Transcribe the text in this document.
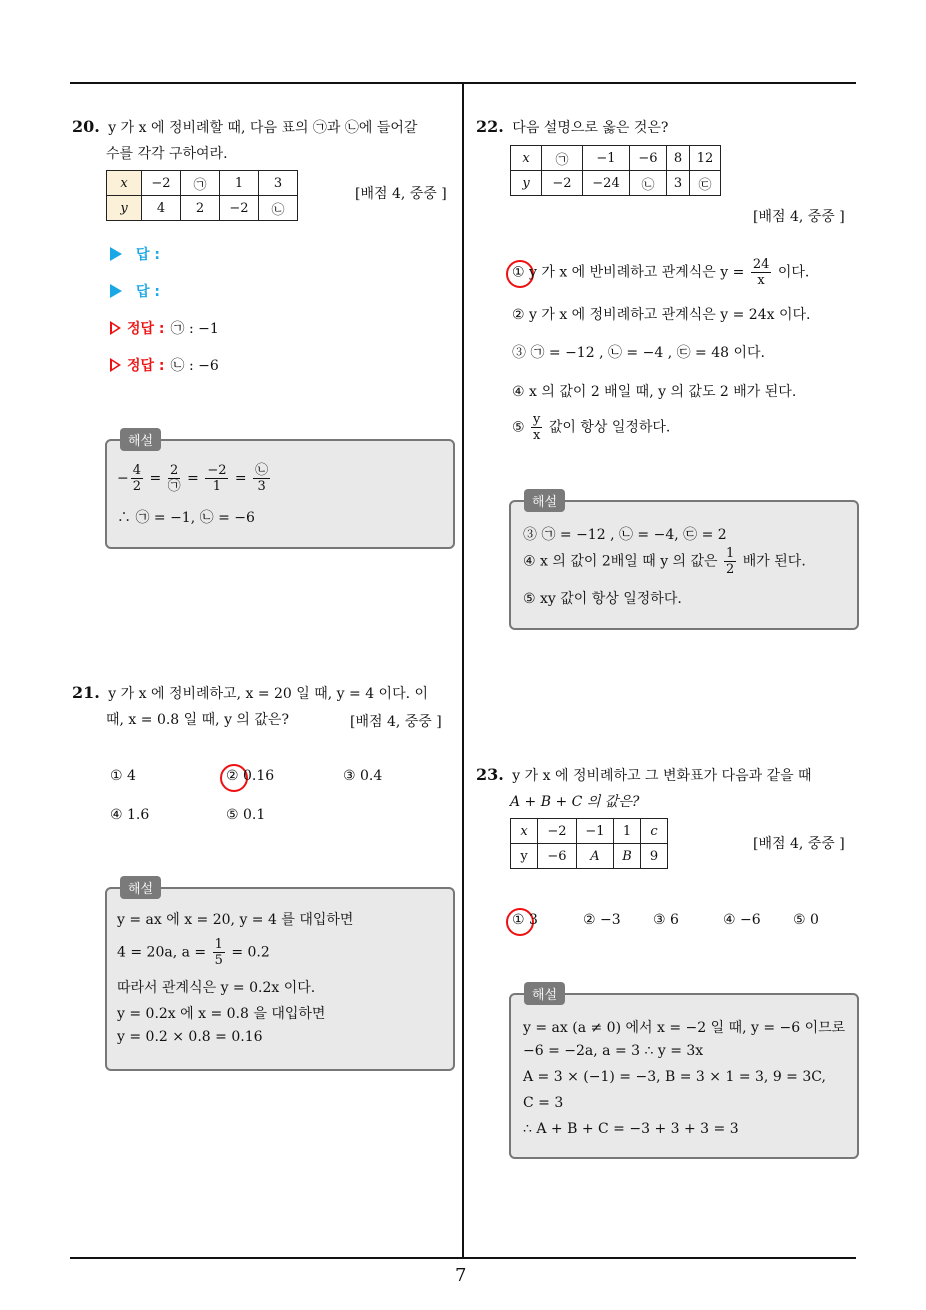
7
20. y 가 x 에 정비례할 때, 다음 표의 ㉠과 ㉡에 들어갈
수를 각각 구하여라.
x	−2	㉠	1	3
y	4	2	−2	㉡
[배점 4, 중중 ]
답 :
답 :
정답 : ㉠ : −1
정답 : ㉡ : −6
− $\frac{4}{2} = \frac{2}{㉠} = \frac{-2}{1} = \frac{㉡}{3}$
∴ ㉠ = −1, ㉡ = −6
해설
21. y 가 x 에 정비례하고, x = 20 일 때, y = 4 이다. 이
때, x = 0.8 일 때, y 의 값은?	[배점 4, 중중 ]
① 4	② 0.16	③ 0.4
④ 1.6	⑤ 0.1
y = ax 에 x = 20, y = 4 를 대입하면
4 = 20a, $a = \frac{1}{5} = 0.2$
따라서 관계식은 y = 0.2x 이다.
y = 0.2x 에 x = 0.8 을 대입하면
y = 0.2 × 0.8 = 0.16
해설
22. 다음 설명으로 옳은 것은?
x	㉠	−1	−6	8	12
y	−2	−24	㉡	3	㉢
[배점 4, 중중 ]
① y 가 x 에 반비례하고 관계식은 $y = \frac{24}{x}$ 이다.
② y 가 x 에 정비례하고 관계식은 y = 24x 이다.
③ ㉠ = −12 , ㉡ = −4 , ㉢ = 48 이다.
④ x 의 값이 2 배일 때, y 의 값도 2 배가 된다.
⑤ $\frac{y}{x}$ 값이 항상 일정하다.
③ ㉠ = −12 , ㉡ = −4, ㉢ = 2
④ x 의 값이 2배일 때 y 의 값은 $\frac{1}{2}$ 배가 된다.
⑤ xy 값이 항상 일정하다.
해설
23. y 가 x 에 정비례하고 그 변화표가 다음과 같을 때
A + B + C 의 값은?
x	−2	−1	1	c
y	−6	A	B	9
[배점 4, 중중 ]
① 3	② −3 ③ 6	④ −6 ⑤ 0
y = ax (a ≠ 0) 에서 x = −2 일 때, y = −6 이므로
−6 = −2a, a = 3 ∴ y = 3x
A = 3 × (−1) = −3, B = 3 × 1 = 3, 9 = 3C,
C = 3
∴ A + B + C = −3 + 3 + 3 = 3
해설
